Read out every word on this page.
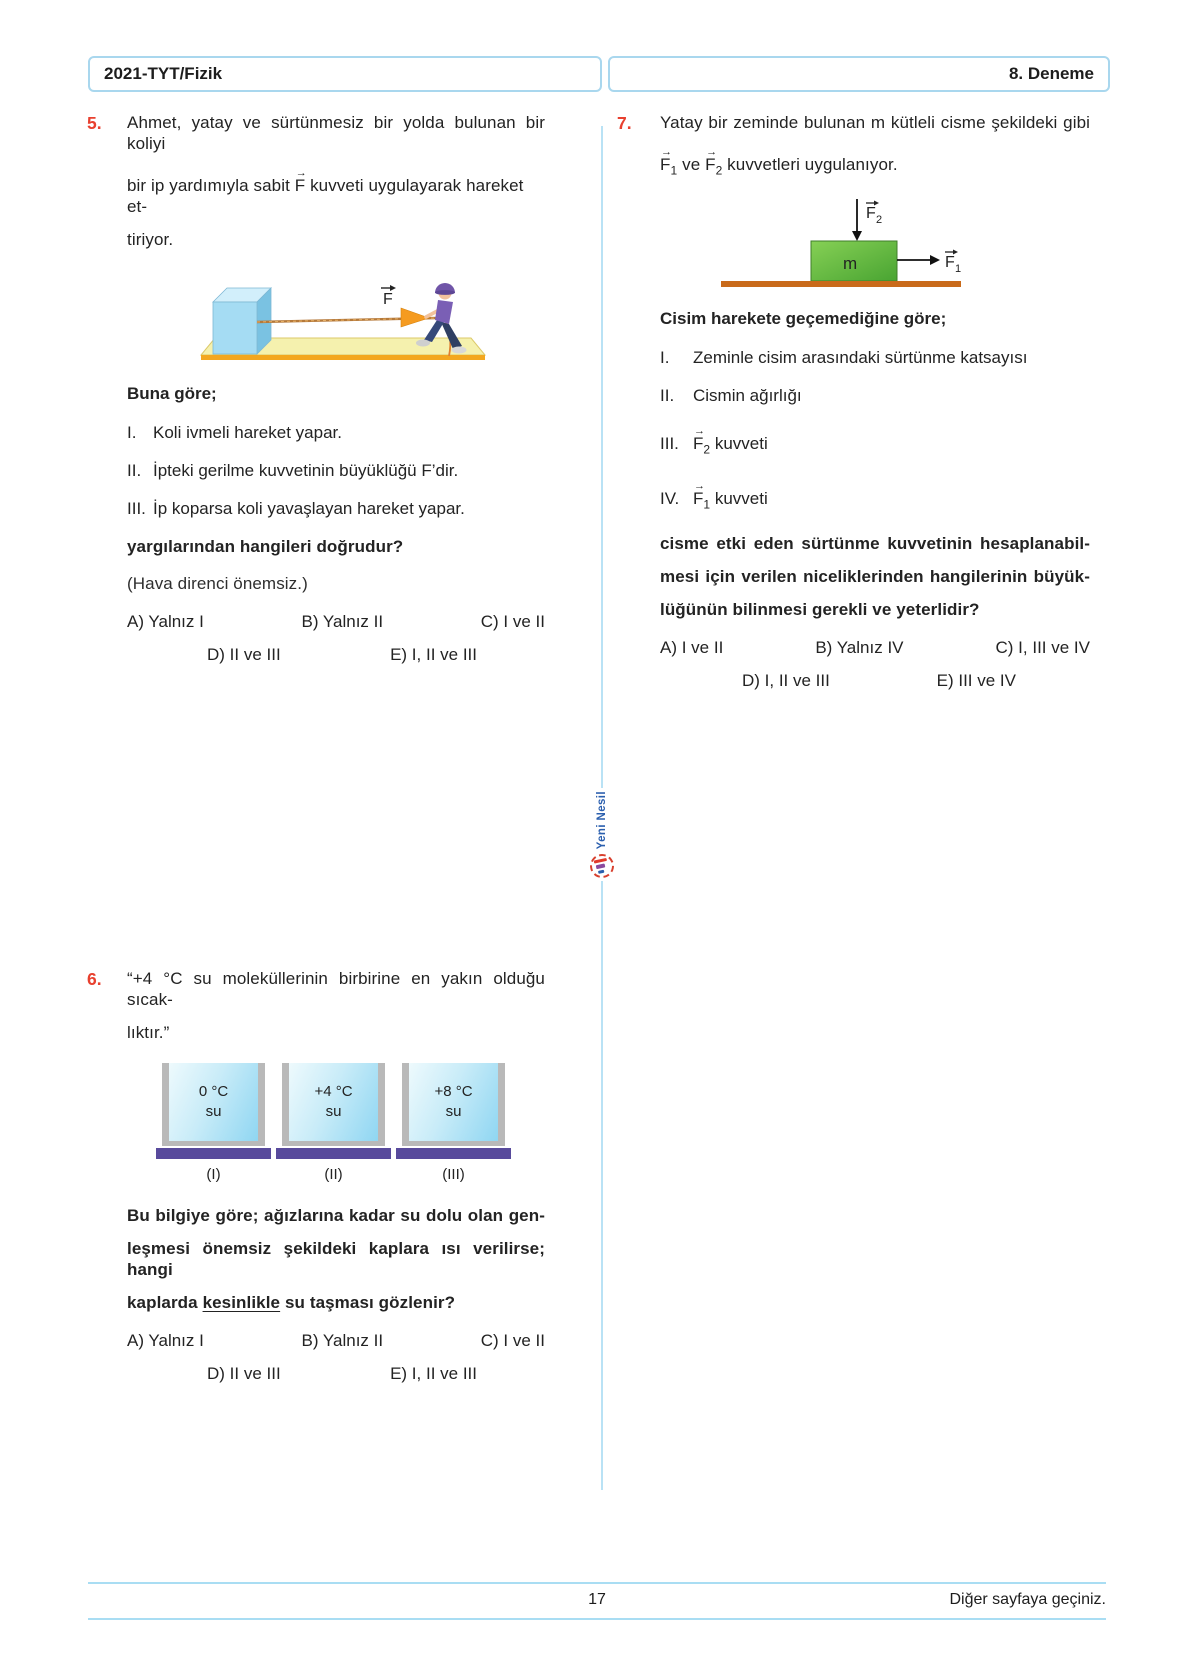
2021-TYT/Fizik	8. Deneme
Yeni Nesil
5. Ahmet, yatay ve sürtünmesiz bir yolda bulunan bir koliyi
bir ip yardımıyla sabit → F kuvveti uygulayarak hareket et-
tiriyor.
F
Buna göre;
I. Koli ivmeli hareket yapar.
II. İpteki gerilme kuvvetinin büyüklüğü F’dir.
III. İp koparsa koli yavaşlayan hareket yapar.
yargılarından hangileri doğrudur?
(Hava direnci önemsiz.)
A) Yalnız I	B) Yalnız II	C) I ve II
D) II ve III	E) I, II ve III
6. “+4 °C su moleküllerinin birbirine en yakın olduğu sıcak-
lıktır.”
0 °C
su
(I)
+4 °C
su
(II)
+8 °C
su
(III)
Bu bilgiye göre; ağızlarına kadar su dolu olan gen-
leşmesi önemsiz şekildeki kaplara ısı verilirse; hangi
kaplarda kesinlikle su taşması gözlenir?
A) Yalnız I	B) Yalnız II	C) I ve II
D) II ve III	E) I, II ve III
7. Yatay bir zeminde bulunan m kütleli cisme şekildeki gibi
→ $F_1$ ve → $F_2$ kuvvetleri uygulanıyor.
F 2
m	F 1
Cisim harekete geçemediğine göre;
I.	Zeminle cisim arasındaki sürtünme katsayısı
II.	Cismin ağırlığı
III. → $F_2$ kuvveti
IV. → $F_1$ kuvveti
cisme etki eden sürtünme kuvvetinin hesaplanabil-
mesi için verilen niceliklerinden hangilerinin büyük-
lüğünün bilinmesi gerekli ve yeterlidir?
A) I ve II	B) Yalnız IV	C) I, III ve IV
D) I, II ve III	E) III ve IV
17	Diğer sayfaya geçiniz.
